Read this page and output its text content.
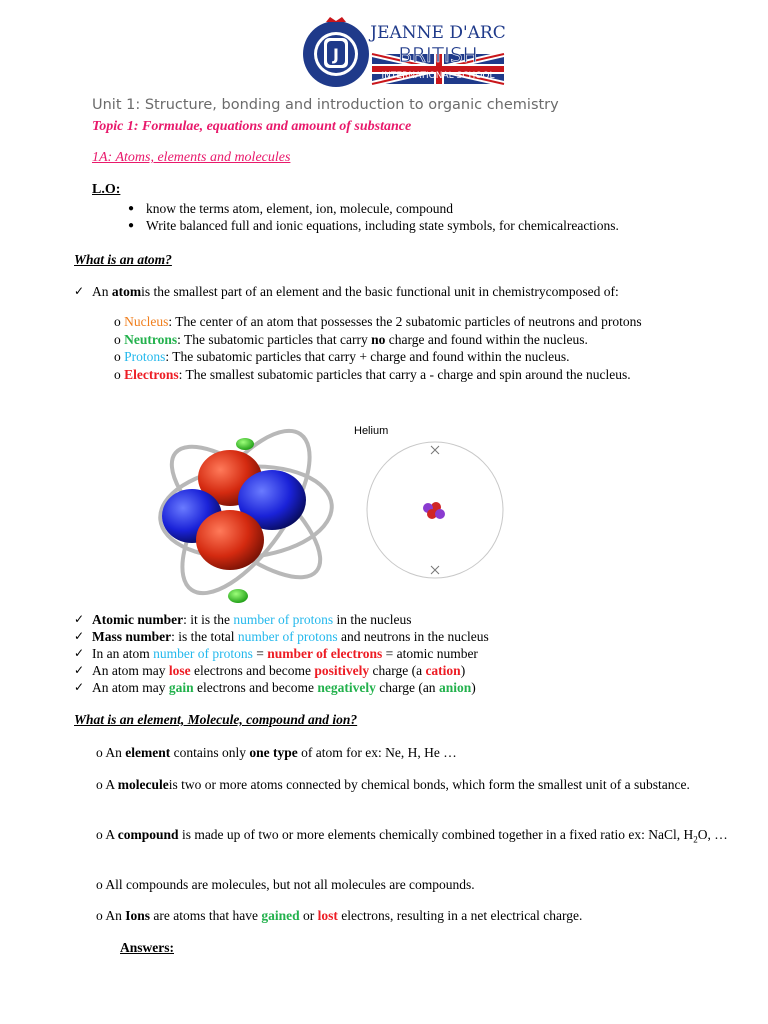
J
JEANNE D'ARC
BRITISH
INTERNATIONAL SCHOOL
Unit 1: Structure, bonding and introduction to organic chemistry
Topic 1: Formulae, equations and amount of substance
1A: Atoms, elements and molecules
L.O:
● know the terms atom, element, ion, molecule, compound
● Write balanced full and ionic equations, including state symbols, for chemicalreactions.
What is an atom?
✓ An atomis the smallest part of an element and the basic functional unit in chemistrycomposed of:
o Nucleus: The center of an atom that possesses the 2 subatomic particles of neutrons and protons
o Neutrons: The subatomic particles that carry no charge and found within the nucleus.
o Protons: The subatomic particles that carry + charge and found within the nucleus.
o Electrons: The smallest subatomic particles that carry a - charge and spin around the nucleus.
Helium
✓ Atomic number: it is the number of protons in the nucleus
✓ Mass number: is the total number of protons and neutrons in the nucleus
✓ In an atom number of protons = number of electrons = atomic number
✓ An atom may lose electrons and become positively charge (a cation)
✓ An atom may gain electrons and become negatively charge (an anion)
What is an element, Molecule, compound and ion?
o An element contains only one type of atom for ex: Ne, H, He …
o A moleculeis two or more atoms connected by chemical bonds, which form the smallest unit of a substance.
o A compound is made up of two or more elements chemically combined together in a fixed ratio ex: NaCl, $H_2O$, …
o All compounds are molecules, but not all molecules are compounds.
o An Ions are atoms that have gained or lost electrons, resulting in a net electrical charge.
Answers:
